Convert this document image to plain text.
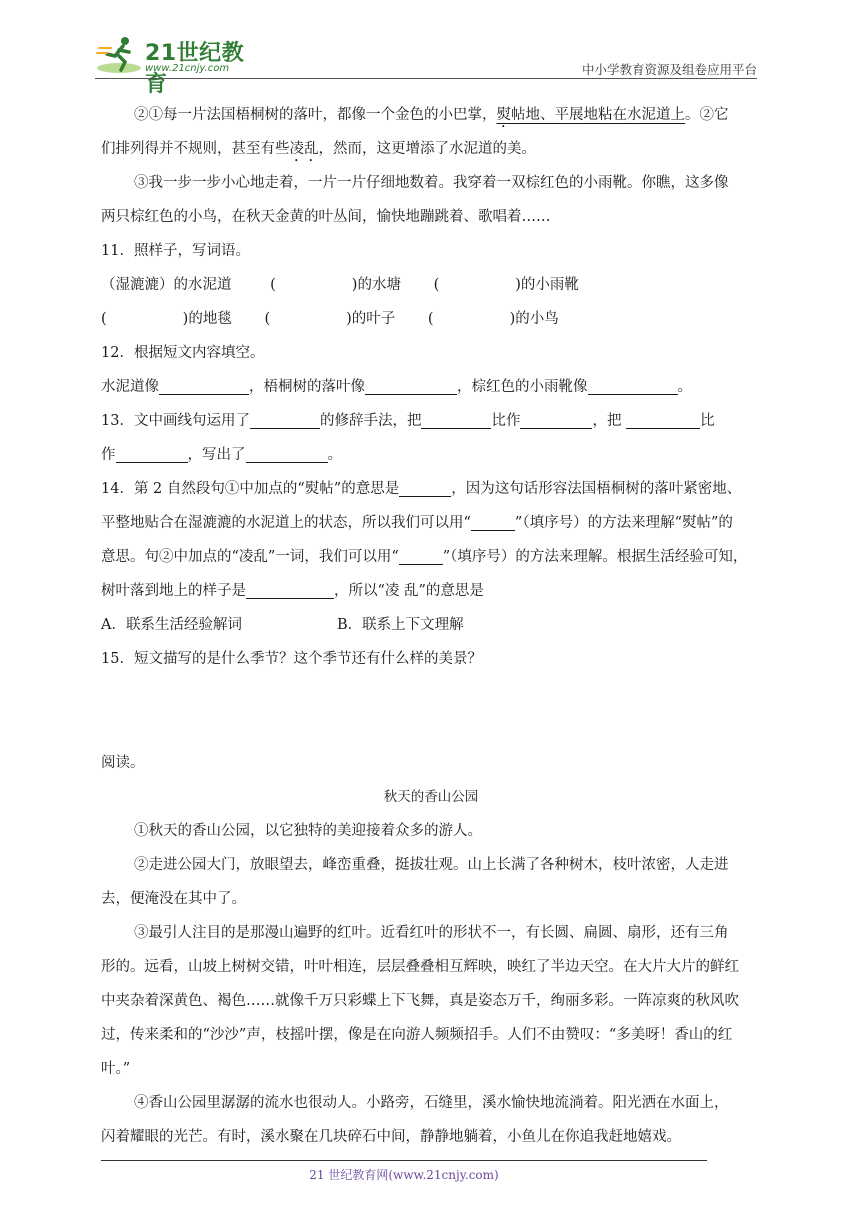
21世纪教育
www.21cnjy.com	中小学教育资源及组卷应用平台
②①每一片法国梧桐树的落叶，都像一个金色的小巴掌，熨帖地、平展地粘在水泥道上。②它
们排列得并不规则，甚至有些凌乱，然而，这更增添了水泥道的美。
③我一步一步小心地走着，一片一片仔细地数着。我穿着一双棕红色的小雨靴。你瞧，这多像
两只棕红色的小鸟，在秋天金黄的叶丛间，愉快地蹦跳着、歌唱着……
11．照样子，写词语。
（湿漉漉）的水泥道	(	)的水塘 (	)的小雨靴
(	)的地毯 (	)的叶子 (	)的小鸟
12．根据短文内容填空。
水泥道像	，梧桐树的落叶像	，棕红色的小雨靴像	。
13．文中画线句运用了	的修辞手法，把	比作	，把	比
作	，写出了	。
14．第 2 自然段句①中加点的“熨帖”的意思是	，因为这句话形容法国梧桐树的落叶紧密地、
平整地贴合在湿漉漉的水泥道上的状态，所以我们可以用“	”（填序号）的方法来理解“熨帖”的
意思。句②中加点的“凌乱”一词，我们可以用“	”（填序号）的方法来理解。根据生活经验可知，
树叶落到地上的样子是	，所以“凌 乱”的意思是
A．联系生活经验解词	B．联系上下文理解
15．短文描写的是什么季节？这个季节还有什么样的美景？
阅读。
秋天的香山公园
①秋天的香山公园，以它独特的美迎接着众多的游人。
②走进公园大门，放眼望去，峰峦重叠，挺拔壮观。山上长满了各种树木，枝叶浓密，人走进
去，便淹没在其中了。
③最引人注目的是那漫山遍野的红叶。近看红叶的形状不一，有长圆、扁圆、扇形，还有三角
形的。远看，山坡上树树交错，叶叶相连，层层叠叠相互辉映，映红了半边天空。在大片大片的鲜红
中夹杂着深黄色、褐色……就像千万只彩蝶上下飞舞，真是姿态万千，绚丽多彩。一阵凉爽的秋风吹
过，传来柔和的“沙沙”声，枝摇叶摆，像是在向游人频频招手。人们不由赞叹：“多美呀！香山的红
叶。”
④香山公园里潺潺的流水也很动人。小路旁，石缝里，溪水愉快地流淌着。阳光洒在水面上，
闪着耀眼的光芒。有时，溪水聚在几块碎石中间，静静地躺着，小鱼儿在你追我赶地嬉戏。
21 世纪教育网(www.21cnjy.com)
